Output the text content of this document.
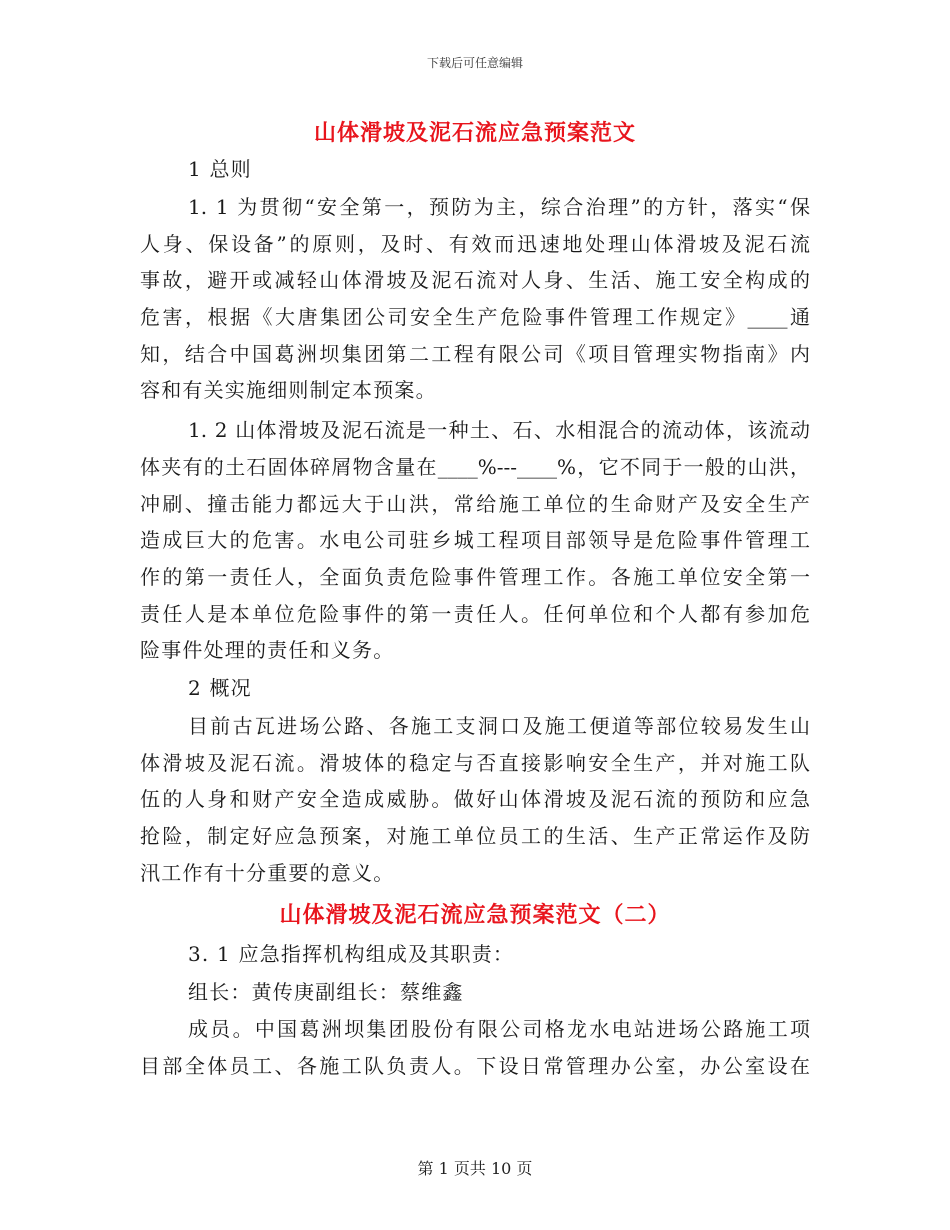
下载后可任意编辑
山体滑坡及泥石流应急预案范文
1 总则
1. 1 为贯彻“安全第一，预防为主，综合治理”的方针，落实“保
人身、保设备”的原则，及时、有效而迅速地处理山体滑坡及泥石流
事故，避开或减轻山体滑坡及泥石流对人身、生活、施工安全构成的
危害，根据《大唐集团公司安全生产危险事件管理工作规定》____通
知，结合中国葛洲坝集团第二工程有限公司《项目管理实物指南》内
容和有关实施细则制定本预案。
1. 2 山体滑坡及泥石流是一种土、石、水相混合的流动体，该流动
体夹有的土石固体碎屑物含量在____%---____%，它不同于一般的山洪，
冲刷、撞击能力都远大于山洪，常给施工单位的生命财产及安全生产
造成巨大的危害。水电公司驻乡城工程项目部领导是危险事件管理工
作的第一责任人，全面负责危险事件管理工作。各施工单位安全第一
责任人是本单位危险事件的第一责任人。任何单位和个人都有参加危
险事件处理的责任和义务。
2 概况
目前古瓦进场公路、各施工支洞口及施工便道等部位较易发生山
体滑坡及泥石流。滑坡体的稳定与否直接影响安全生产，并对施工队
伍的人身和财产安全造成威胁。做好山体滑坡及泥石流的预防和应急
抢险，制定好应急预案，对施工单位员工的生活、生产正常运作及防
汛工作有十分重要的意义。
山体滑坡及泥石流应急预案范文（二）
3. 1 应急指挥机构组成及其职责：
组长：黄传庚副组长：蔡维鑫
成员。中国葛洲坝集团股份有限公司格龙水电站进场公路施工项
目部全体员工、各施工队负责人。下设日常管理办公室，办公室设在
第 1 页共 10 页
